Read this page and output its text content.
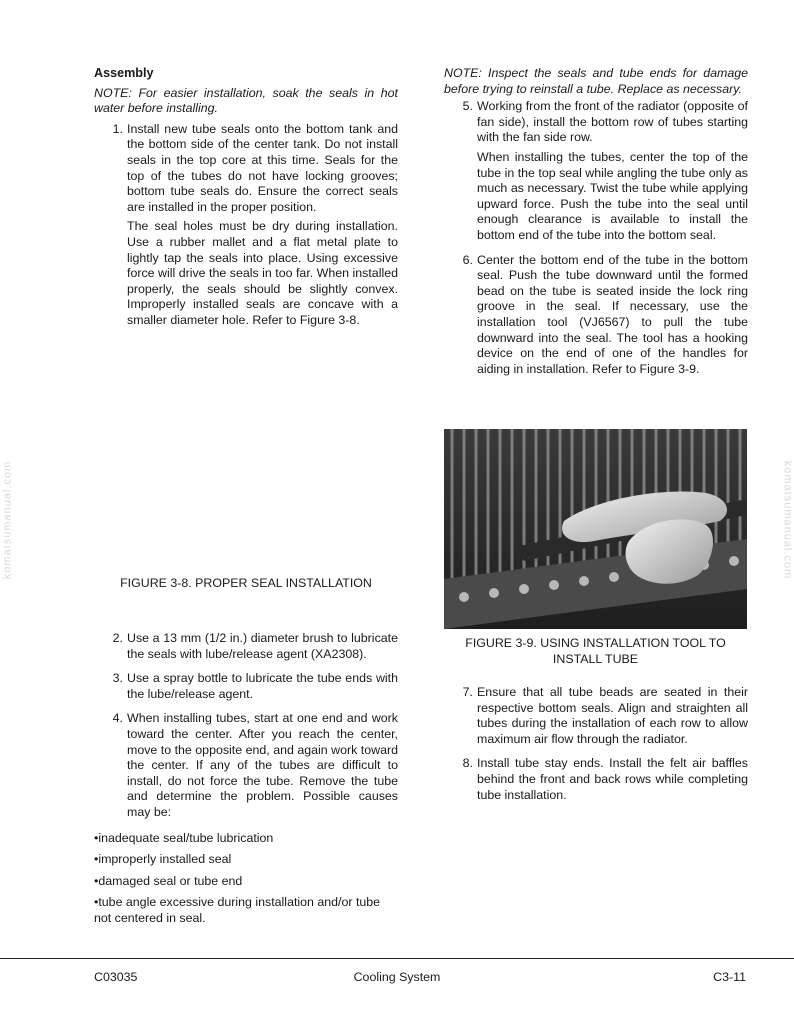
komatsumanual.com	komatsumanual.com
Assembly

NOTE: For easier installation, soak the seals in hot water before installing.

1. Install new tube seals onto the bottom tank and the bottom side of the center tank. Do not install seals in the top core at this time. Seals for the top of the tubes do not have locking grooves; bottom tube seals do. Ensure the correct seals are installed in the proper position.

The seal holes must be dry during installation. Use a rubber mallet and a flat metal plate to lightly tap the seals into place. Using excessive force will drive the seals in too far. When installed properly, the seals should be slightly convex. Improperly installed seals are concave with a smaller diameter hole. Refer to Figure 3-8.

FIGURE 3-8. PROPER SEAL INSTALLATION
2. Use a 13 mm (1/2 in.) diameter brush to lubricate the seals with lube/release agent (XA2308).

3. Use a spray bottle to lubricate the tube ends with the lube/release agent.

4. When installing tubes, start at one end and work toward the center. After you reach the center, move to the opposite end, and again work toward the center. If any of the tubes are difficult to install, do not force the tube. Remove the tube and determine the problem. Possible causes may be:

•inadequate seal/tube lubrication

•improperly installed seal

•damaged seal or tube end

•tube angle excessive during installation and/or tube not centered in seal.

NOTE: Inspect the seals and tube ends for damage before trying to reinstall a tube. Replace as necessary.

5. Working from the front of the radiator (opposite of fan side), install the bottom row of tubes starting with the fan side row.

When installing the tubes, center the top of the tube in the top seal while angling the tube only as much as necessary. Twist the tube while applying upward force. Push the tube into the seal until enough clearance is available to install the bottom end of the tube into the bottom seal.

6. Center the bottom end of the tube in the bottom seal. Push the tube downward until the formed bead on the tube is seated inside the lock ring groove in the seal. If necessary, use the installation tool (VJ6567) to pull the tube downward into the seal. The tool has a hooking device on the end of one of the handles for aiding in installation. Refer to Figure 3-9.

FIGURE 3-9. USING INSTALLATION TOOL TO
INSTALL TUBE
7. Ensure that all tube beads are seated in their respective bottom seals. Align and straighten all tubes during the installation of each row to allow maximum air flow through the radiator.

8. Install tube stay ends. Install the felt air baffles behind the front and back rows while completing tube installation.

C03035	Cooling System	C3-11
